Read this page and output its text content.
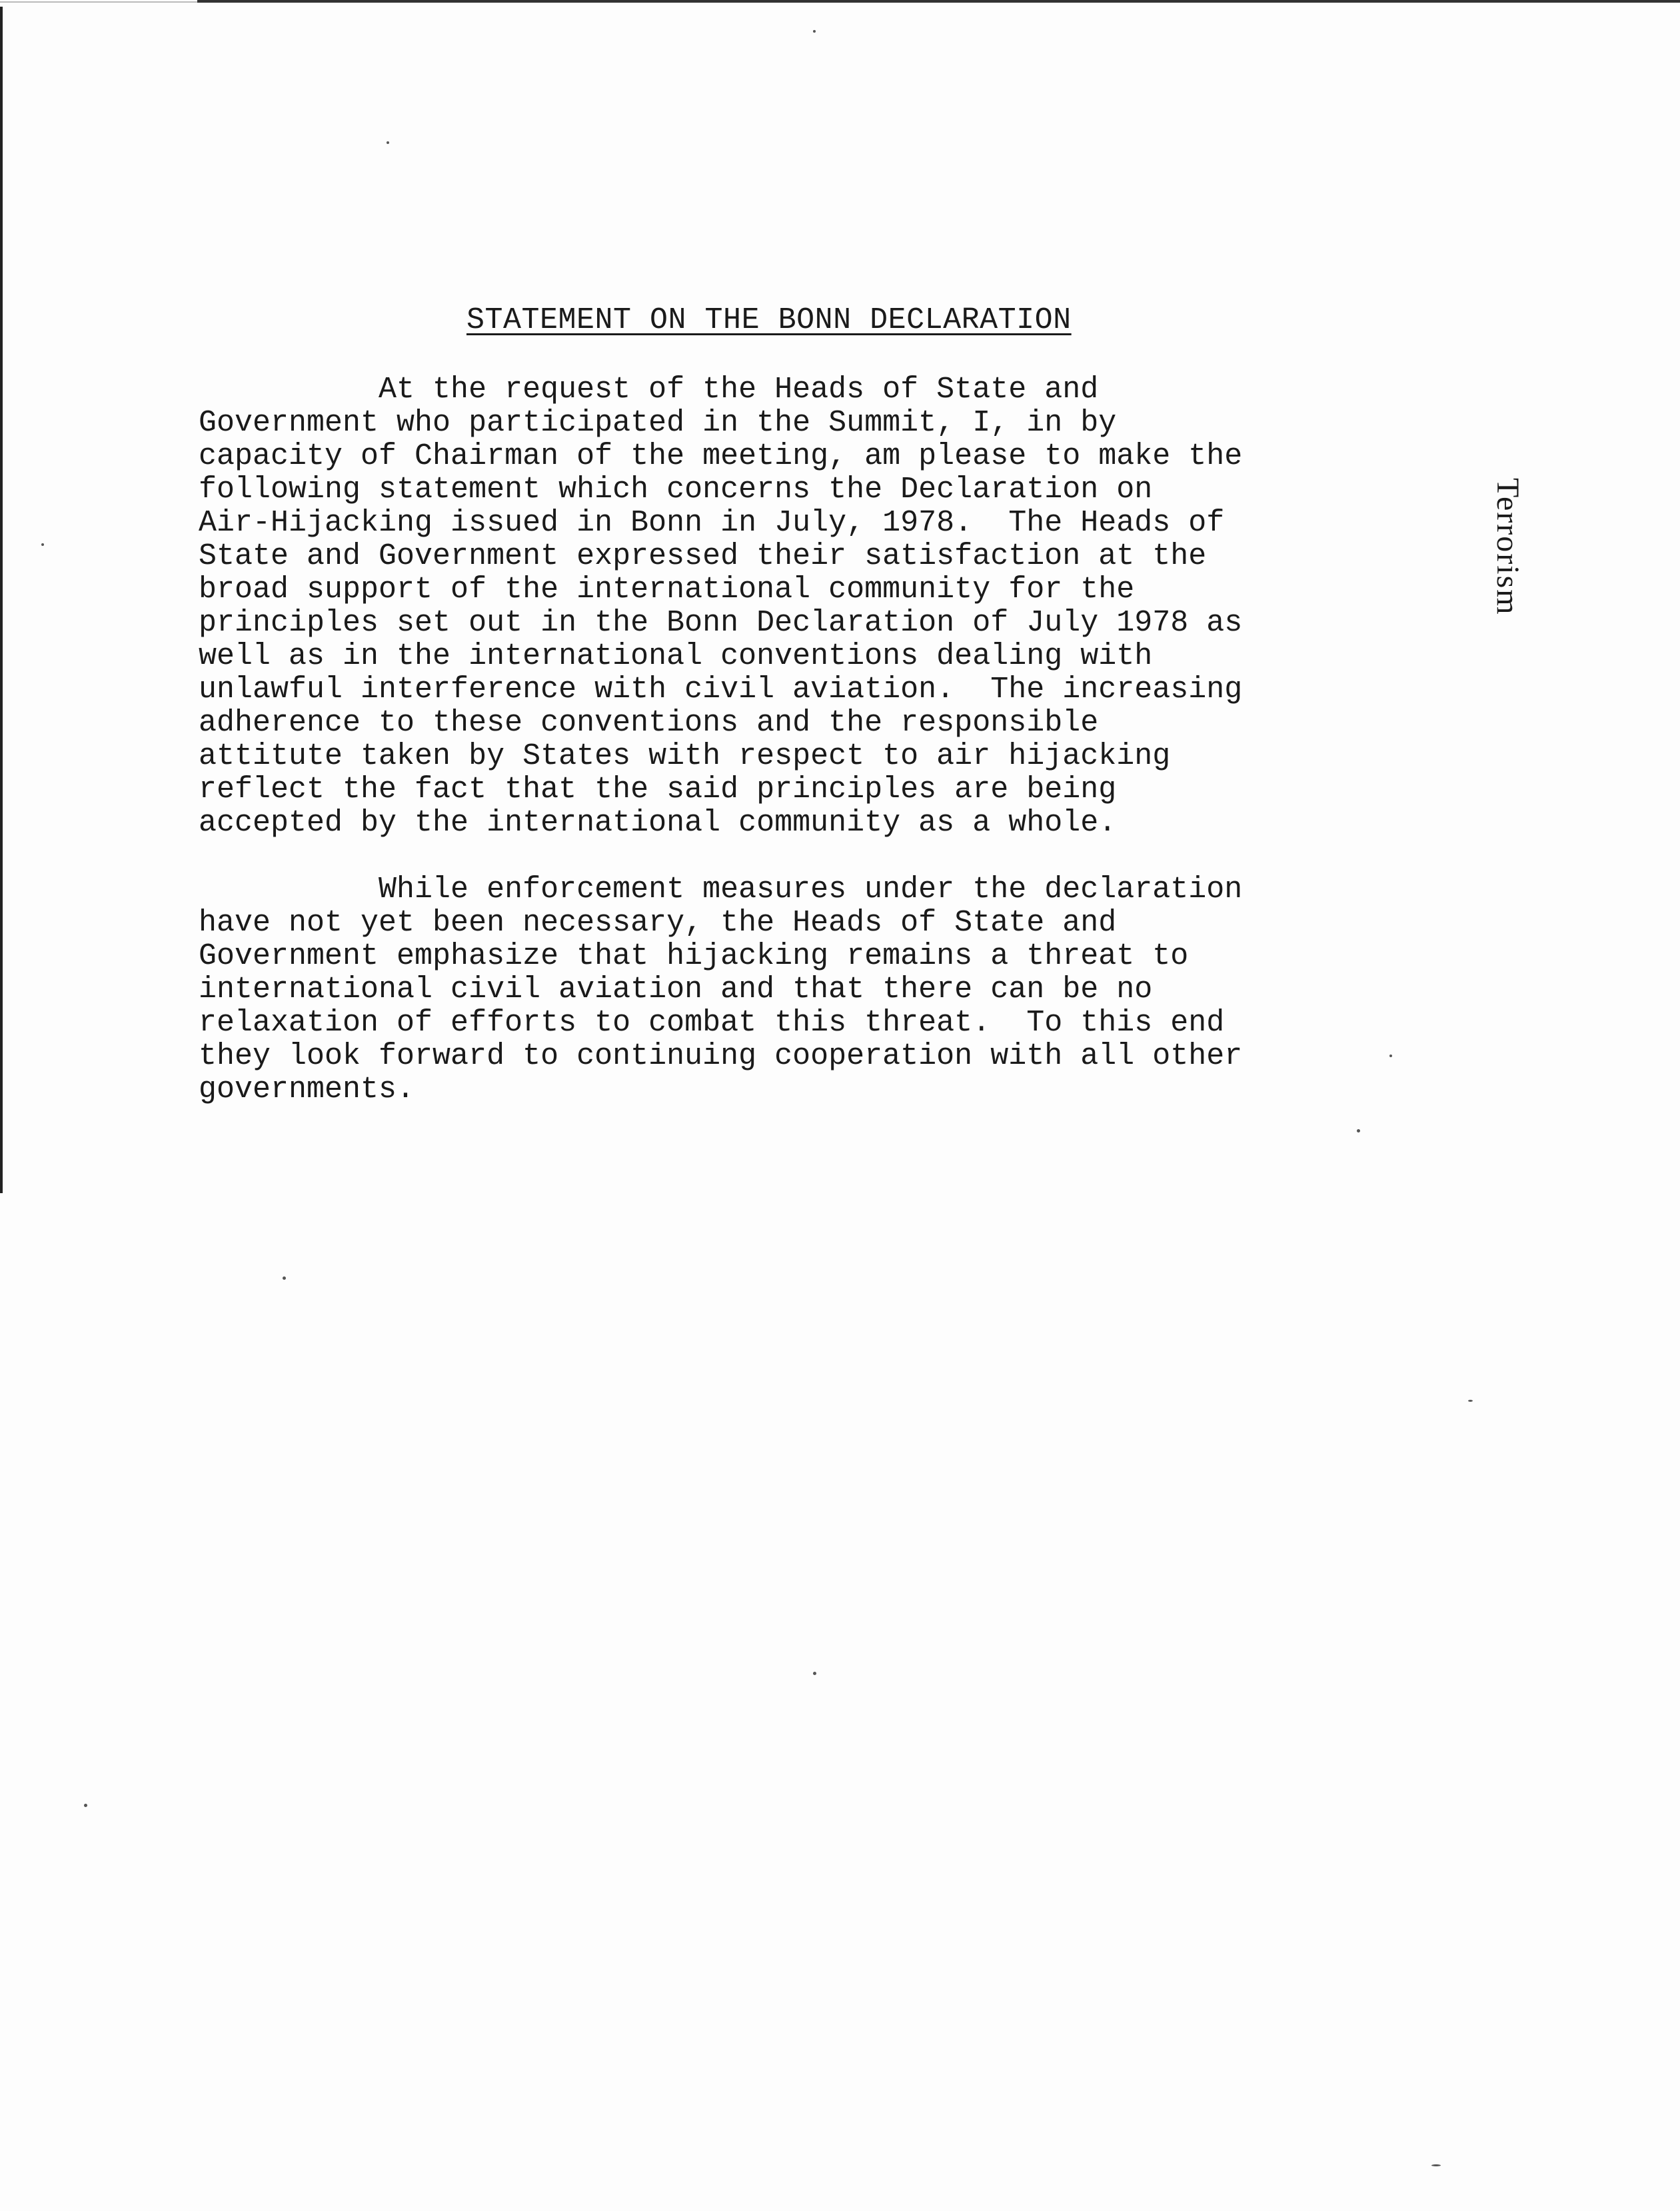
STATEMENT ON THE BONN DECLARATION

At the request of the Heads of State and
Government who participated in the Summit, I, in by
capacity of Chairman of the meeting, am please to make the
following statement which concerns the Declaration on
Air-Hijacking issued in Bonn in July, 1978.  The Heads of
State and Government expressed their satisfaction at the
broad support of the international community for the
principles set out in the Bonn Declaration of July 1978 as
well as in the international conventions dealing with
unlawful interference with civil aviation.  The increasing
adherence to these conventions and the responsible
attitute taken by States with respect to air hijacking
reflect the fact that the said principles are being
accepted by the international community as a whole.

While enforcement measures under the declaration
have not yet been necessary, the Heads of State and
Government emphasize that hijacking remains a threat to
international civil aviation and that there can be no
relaxation of efforts to combat this threat.  To this end
they look forward to continuing cooperation with all other
governments.

Terrorism
